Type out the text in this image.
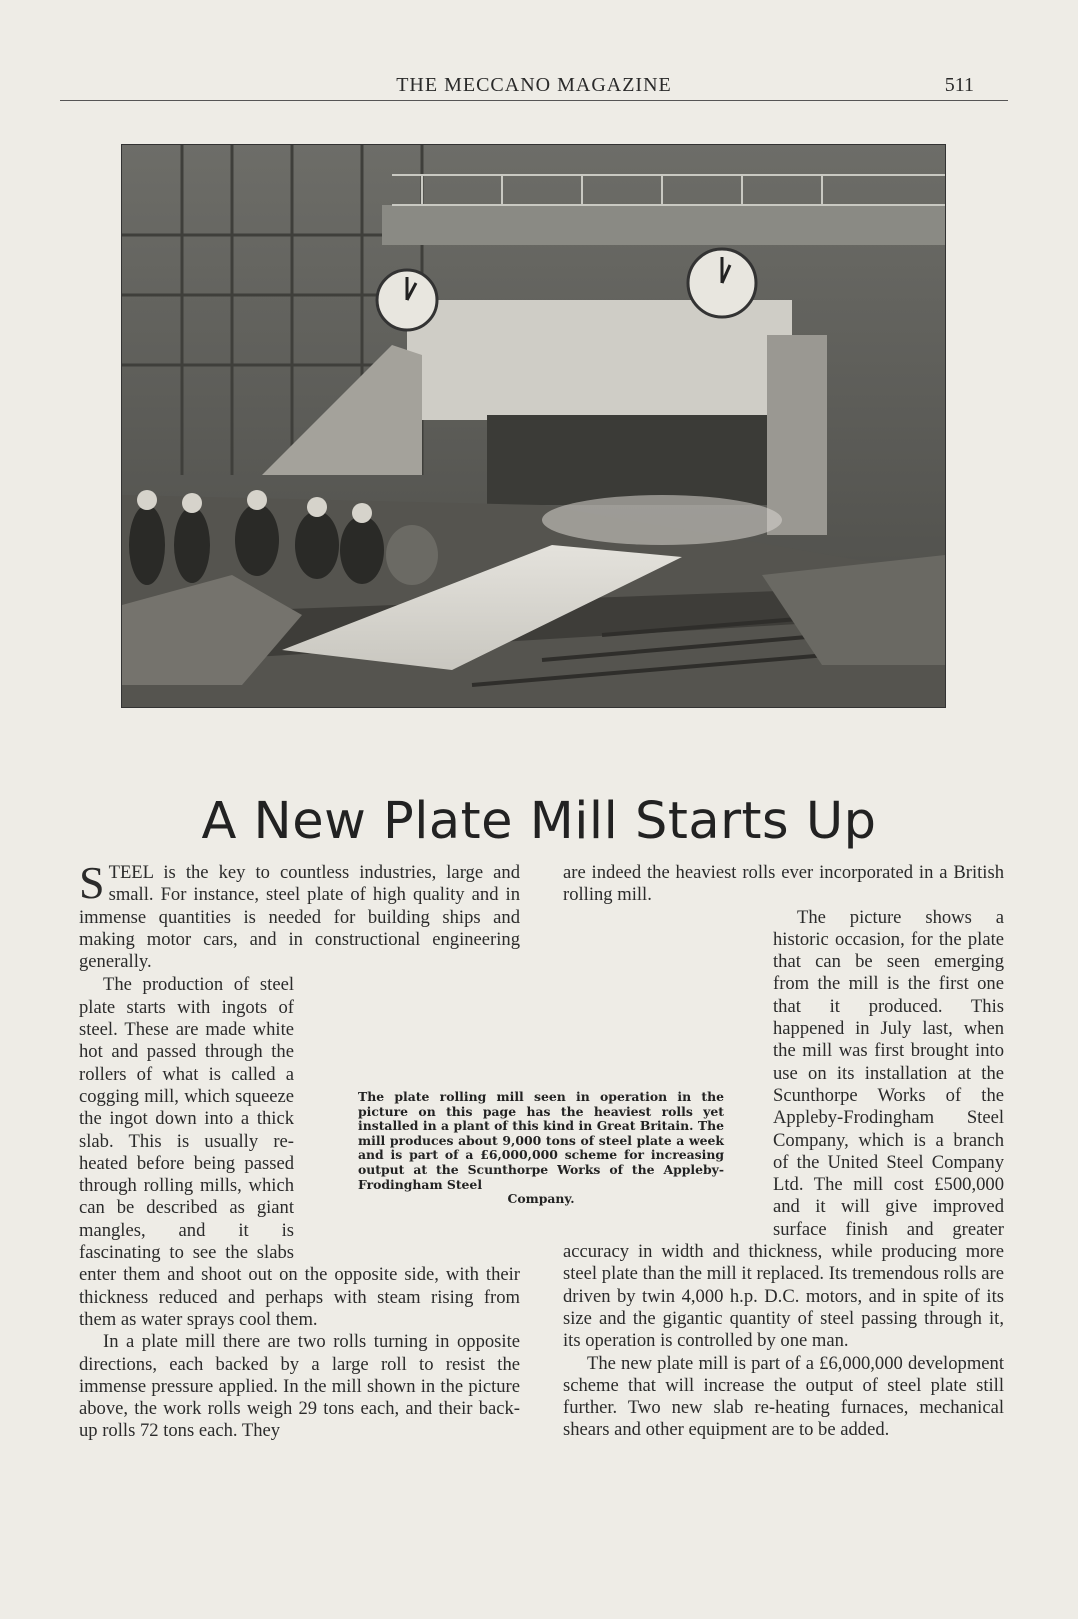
THE MECCANO MAGAZINE	511
A New Plate Mill Starts Up

STEEL is the key to countless industries, large and small. For instance, steel plate of high quality and in immense quantities is needed for building ships and making motor cars, and in constructional engineering generally.

The production of steel plate starts with ingots of steel. These are made white hot and passed through the rollers of what is called a cogging mill, which squeeze the ingot down into a thick slab. This is usually re-heated before being passed through rolling mills, which can be described as giant mangles, and it is fascinating to see the slabs enter them and shoot out on the opposite side, with their thickness reduced and perhaps with steam rising from them as water sprays cool them.

In a plate mill there are two rolls turning in opposite directions, each backed by a large roll to resist the immense pressure applied. In the mill shown in the picture above, the work rolls weigh 29 tons each, and their back-up rolls 72 tons each. They

are indeed the heaviest rolls ever incorporated in a British rolling mill.

The picture shows a historic occasion, for the plate that can be seen emerging from the mill is the first one that it produced. This happened in July last, when the mill was first brought into use on its installation at the Scunthorpe Works of the Appleby-Frodingham Steel Company, which is a branch of the United Steel Company Ltd. The mill cost £500,000 and it will give improved surface finish and greater accuracy in width and thickness, while producing more steel plate than the mill it replaced. Its tremendous rolls are driven by twin 4,000 h.p. D.C. motors, and in spite of its size and the gigantic quantity of steel passing through it, its operation is controlled by one man.

The new plate mill is part of a £6,000,000 development scheme that will increase the output of steel plate still further. Two new slab re-heating furnaces, mechanical shears and other equipment are to be added.

The plate rolling mill seen in operation in the picture on this page has the heaviest rolls yet installed in a plant of this kind in Great Britain. The mill produces about 9,000 tons of steel plate a week and is part of a £6,000,000 scheme for increasing output at the Scunthorpe Works of the Appleby-Frodingham Steel
Company.
